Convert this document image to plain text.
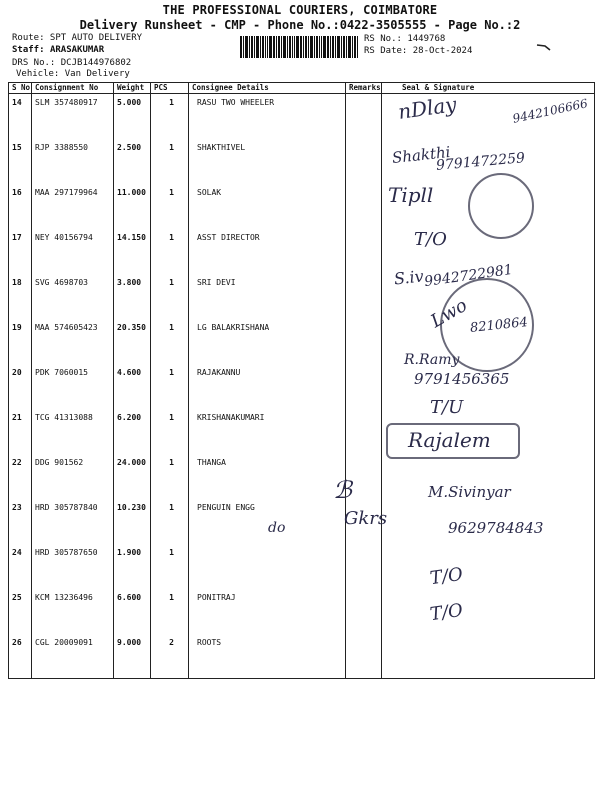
THE PROFESSIONAL COURIERS, COIMBATORE
Delivery Runsheet - CMP - Phone No.:0422-3505555 - Page No.:2
Route: SPT AUTO DELIVERY
Staff: ARASAKUMAR
DRS No.: DCJB144976802
Vehicle: Van Delivery
RS No.: 1449768
RS Date: 28-Oct-2024
S No	Consignment No	Weight	PCS	Consignee Details	Remarks	Seal & Signature
14	SLM 357480917	5.000	1	RASU TWO WHEELER		
15	RJP 3388550	2.500	1	SHAKTHIVEL		
16	MAA 297179964	11.000	1	SOLAK		
17	NEY 40156794	14.150	1	ASST DIRECTOR		
18	SVG 4698703	3.800	1	SRI DEVI		
19	MAA 574605423	20.350	1	LG BALAKRISHANA		
20	PDK 7060015	4.600	1	RAJAKANNU		
21	TCG 41313088	6.200	1	KRISHANAKUMARI		
22	DDG 901562	24.000	1	THANGA		
23	HRD 305787840	10.230	1	PENGUIN ENGG		
24	HRD 305787650	1.900	1			
25	KCM 13236496	6.600	1	PONITRAJ		
26	CGL 20009091	9.000	2	ROOTS		
nDlay	9442106666
Shakthi
9791472259
Tipll
T/O
S.iv
9942722981
Lwo
8210864
R.Ramy
9791456365
T/U
Rajalem
ℬ	M.Sivinyar
do	Gkrs	9629784843
T/O
T/O
